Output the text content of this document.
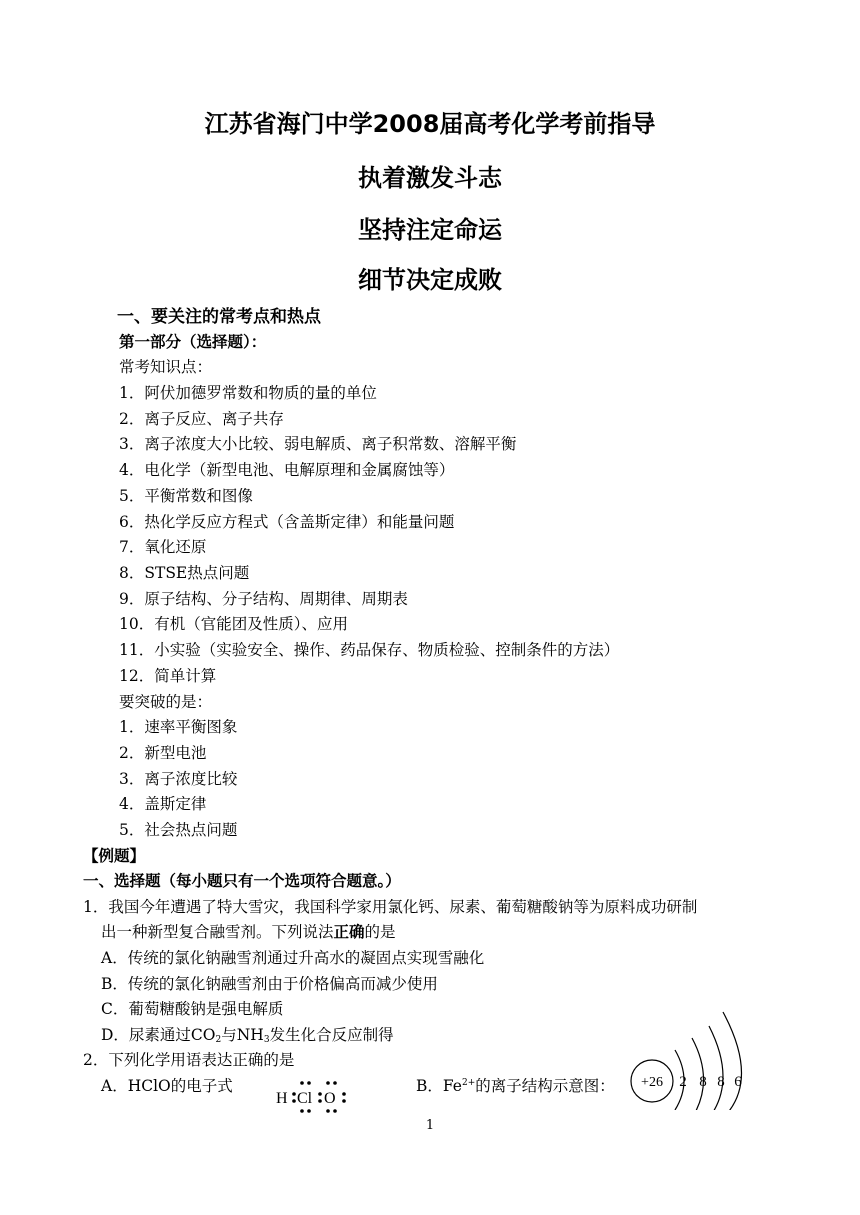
江苏省海门中学2008届高考化学考前指导
执着激发斗志
坚持注定命运
细节决定成败
一、要关注的常考点和热点
第一部分（选择题）：
常考知识点：
1．阿伏加德罗常数和物质的量的单位
2．离子反应、离子共存
3．离子浓度大小比较、弱电解质、离子积常数、溶解平衡
4．电化学（新型电池、电解原理和金属腐蚀等）
5．平衡常数和图像
6．热化学反应方程式（含盖斯定律）和能量问题
7．氧化还原
8．STSE热点问题
9．原子结构、分子结构、周期律、周期表
10．有机（官能团及性质）、应用
11．小实验（实验安全、操作、药品保存、物质检验、控制条件的方法）
12．简单计算
要突破的是：
1．速率平衡图象
2．新型电池
3．离子浓度比较
4．盖斯定律
5．社会热点问题
【例题】
一、选择题（每小题只有一个选项符合题意。）
1．我国今年遭遇了特大雪灾，我国科学家用氯化钙、尿素、葡萄糖酸钠等为原料成功研制
出一种新型复合融雪剂。下列说法正确的是
A．传统的氯化钠融雪剂通过升高水的凝固点实现雪融化
B．传统的氯化钠融雪剂由于价格偏高而减少使用
C．葡萄糖酸钠是强电解质
D．尿素通过$CO_2$与$NH_3$发生化合反应制得
2．下列化学用语表达正确的是
A．HClO的电子式	B．$Fe^{2+}$的离子结构示意图：
H Cl O
+26 2 8 8 6
1
